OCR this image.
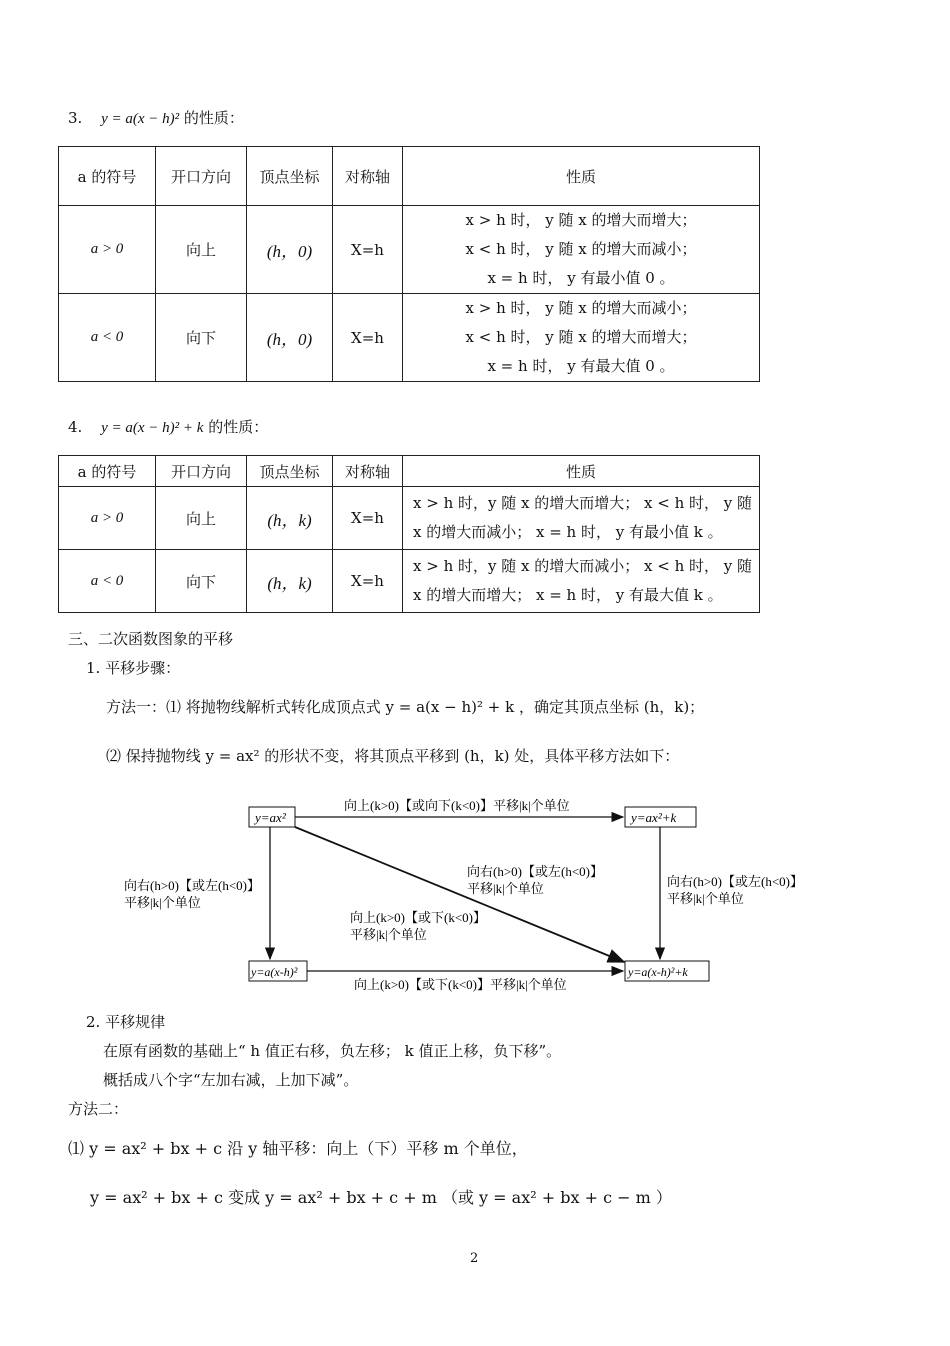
3. y = a(x − h)² 的性质：
a 的符号	开口方向	顶点坐标	对称轴	性质
a > 0	向上	(h，0)	X=h	x > h 时， y 随 x 的增大而增大；
x < h 时， y 随 x 的增大而减小；
x = h 时， y 有最小值 0 。

a < 0	向下	(h，0)	X=h	x > h 时， y 随 x 的增大而减小；
x < h 时， y 随 x 的增大而增大；
x = h 时， y 有最大值 0 。
4. y = a(x − h)² + k 的性质：
a 的符号	开口方向	顶点坐标	对称轴	性质
a > 0	向上	(h，k)	X=h	x > h 时，y 随 x 的增大而增大； x < h 时， y 随 x 的增大而减小； x = h 时， y 有最小值 k 。
a < 0	向下	(h，k)	X=h	x > h 时，y 随 x 的增大而减小； x < h 时， y 随 x 的增大而增大； x = h 时， y 有最大值 k 。
三、二次函数图象的平移
1. 平移步骤：
方法一：⑴ 将抛物线解析式转化成顶点式 y = a(x − h)² + k ，确定其顶点坐标 (h，k)；
⑵ 保持抛物线 y = ax² 的形状不变，将其顶点平移到 (h，k) 处，具体平移方法如下：
y=ax²	y=ax²+k
y=a(x-h)²	y=a(x-h)²+k
向上(k>0)【或向下(k<0)】平移|k|个单位
向上(k>0)【或下(k<0)】平移|k|个单位
向右(h>0)【或左(h<0)】
平移|k|个单位
向右(h>0)【或左(h<0)】
平移|k|个单位
向右(h>0)【或左(h<0)】
平移|k|个单位
向上(k>0)【或下(k<0)】
平移|k|个单位
2. 平移规律
在原有函数的基础上“ h 值正右移，负左移； k 值正上移，负下移”。
概括成八个字“左加右减，上加下减”。
方法二：
⑴ y = ax² + bx + c 沿 y 轴平移：向上（下）平移 m 个单位，
y = ax² + bx + c 变成 y = ax² + bx + c + m （或 y = ax² + bx + c − m ）
2
